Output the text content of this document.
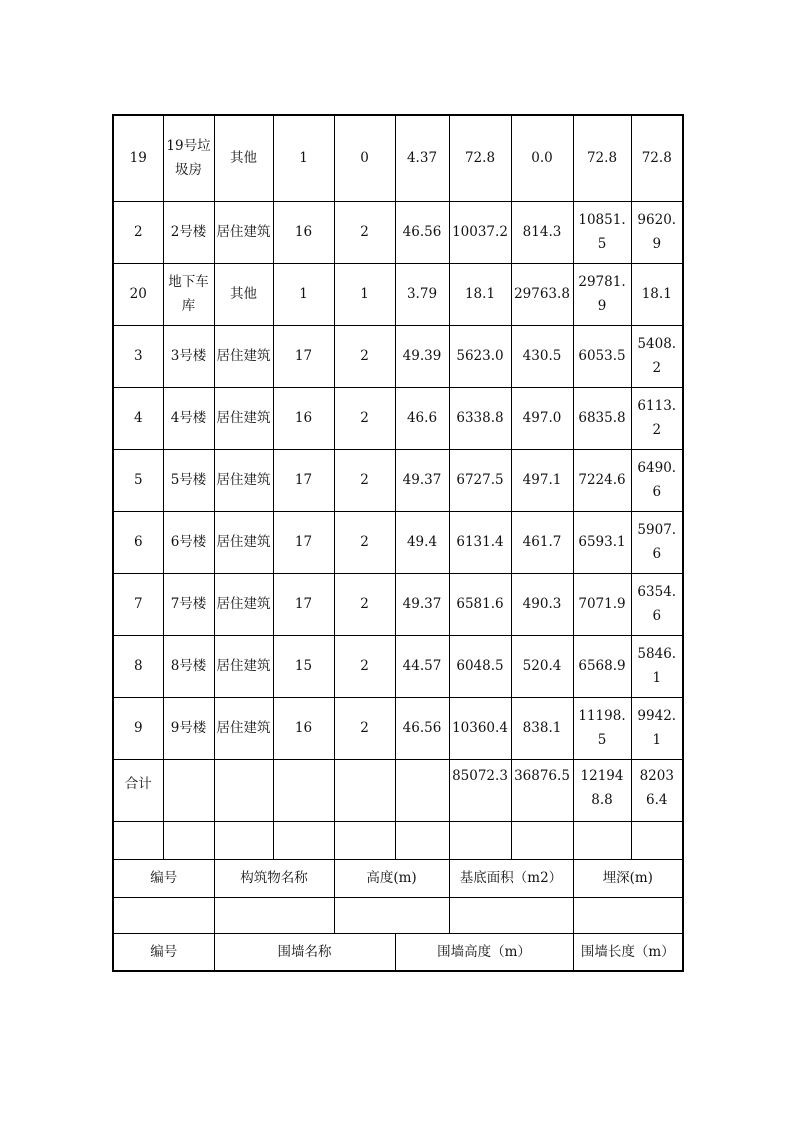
19	19号垃圾房	其他	1	0	4.37	72.8	0.0	72.8	72.8
2	2号楼	居住建筑	16	2	46.56	10037.2	814.3	10851.5	9620.9
20	地下车库	其他	1	1	3.79	18.1	29763.8	29781.9	18.1
3	3号楼	居住建筑	17	2	49.39	5623.0	430.5	6053.5	5408.2
4	4号楼	居住建筑	16	2	46.6	6338.8	497.0	6835.8	6113.2
5	5号楼	居住建筑	17	2	49.37	6727.5	497.1	7224.6	6490.6
6	6号楼	居住建筑	17	2	49.4	6131.4	461.7	6593.1	5907.6
7	7号楼	居住建筑	17	2	49.37	6581.6	490.3	7071.9	6354.6
8	8号楼	居住建筑	15	2	44.57	6048.5	520.4	6568.9	5846.1
9	9号楼	居住建筑	16	2	46.56	10360.4	838.1	11198.5	9942.1
合计						85072.3	36876.5	121948.8	82036.4

编号		构筑物名称		高度(m)		基底面积（m2）		埋深(m)	

编号		围墙名称			围墙高度（m）			围墙长度（m）	
